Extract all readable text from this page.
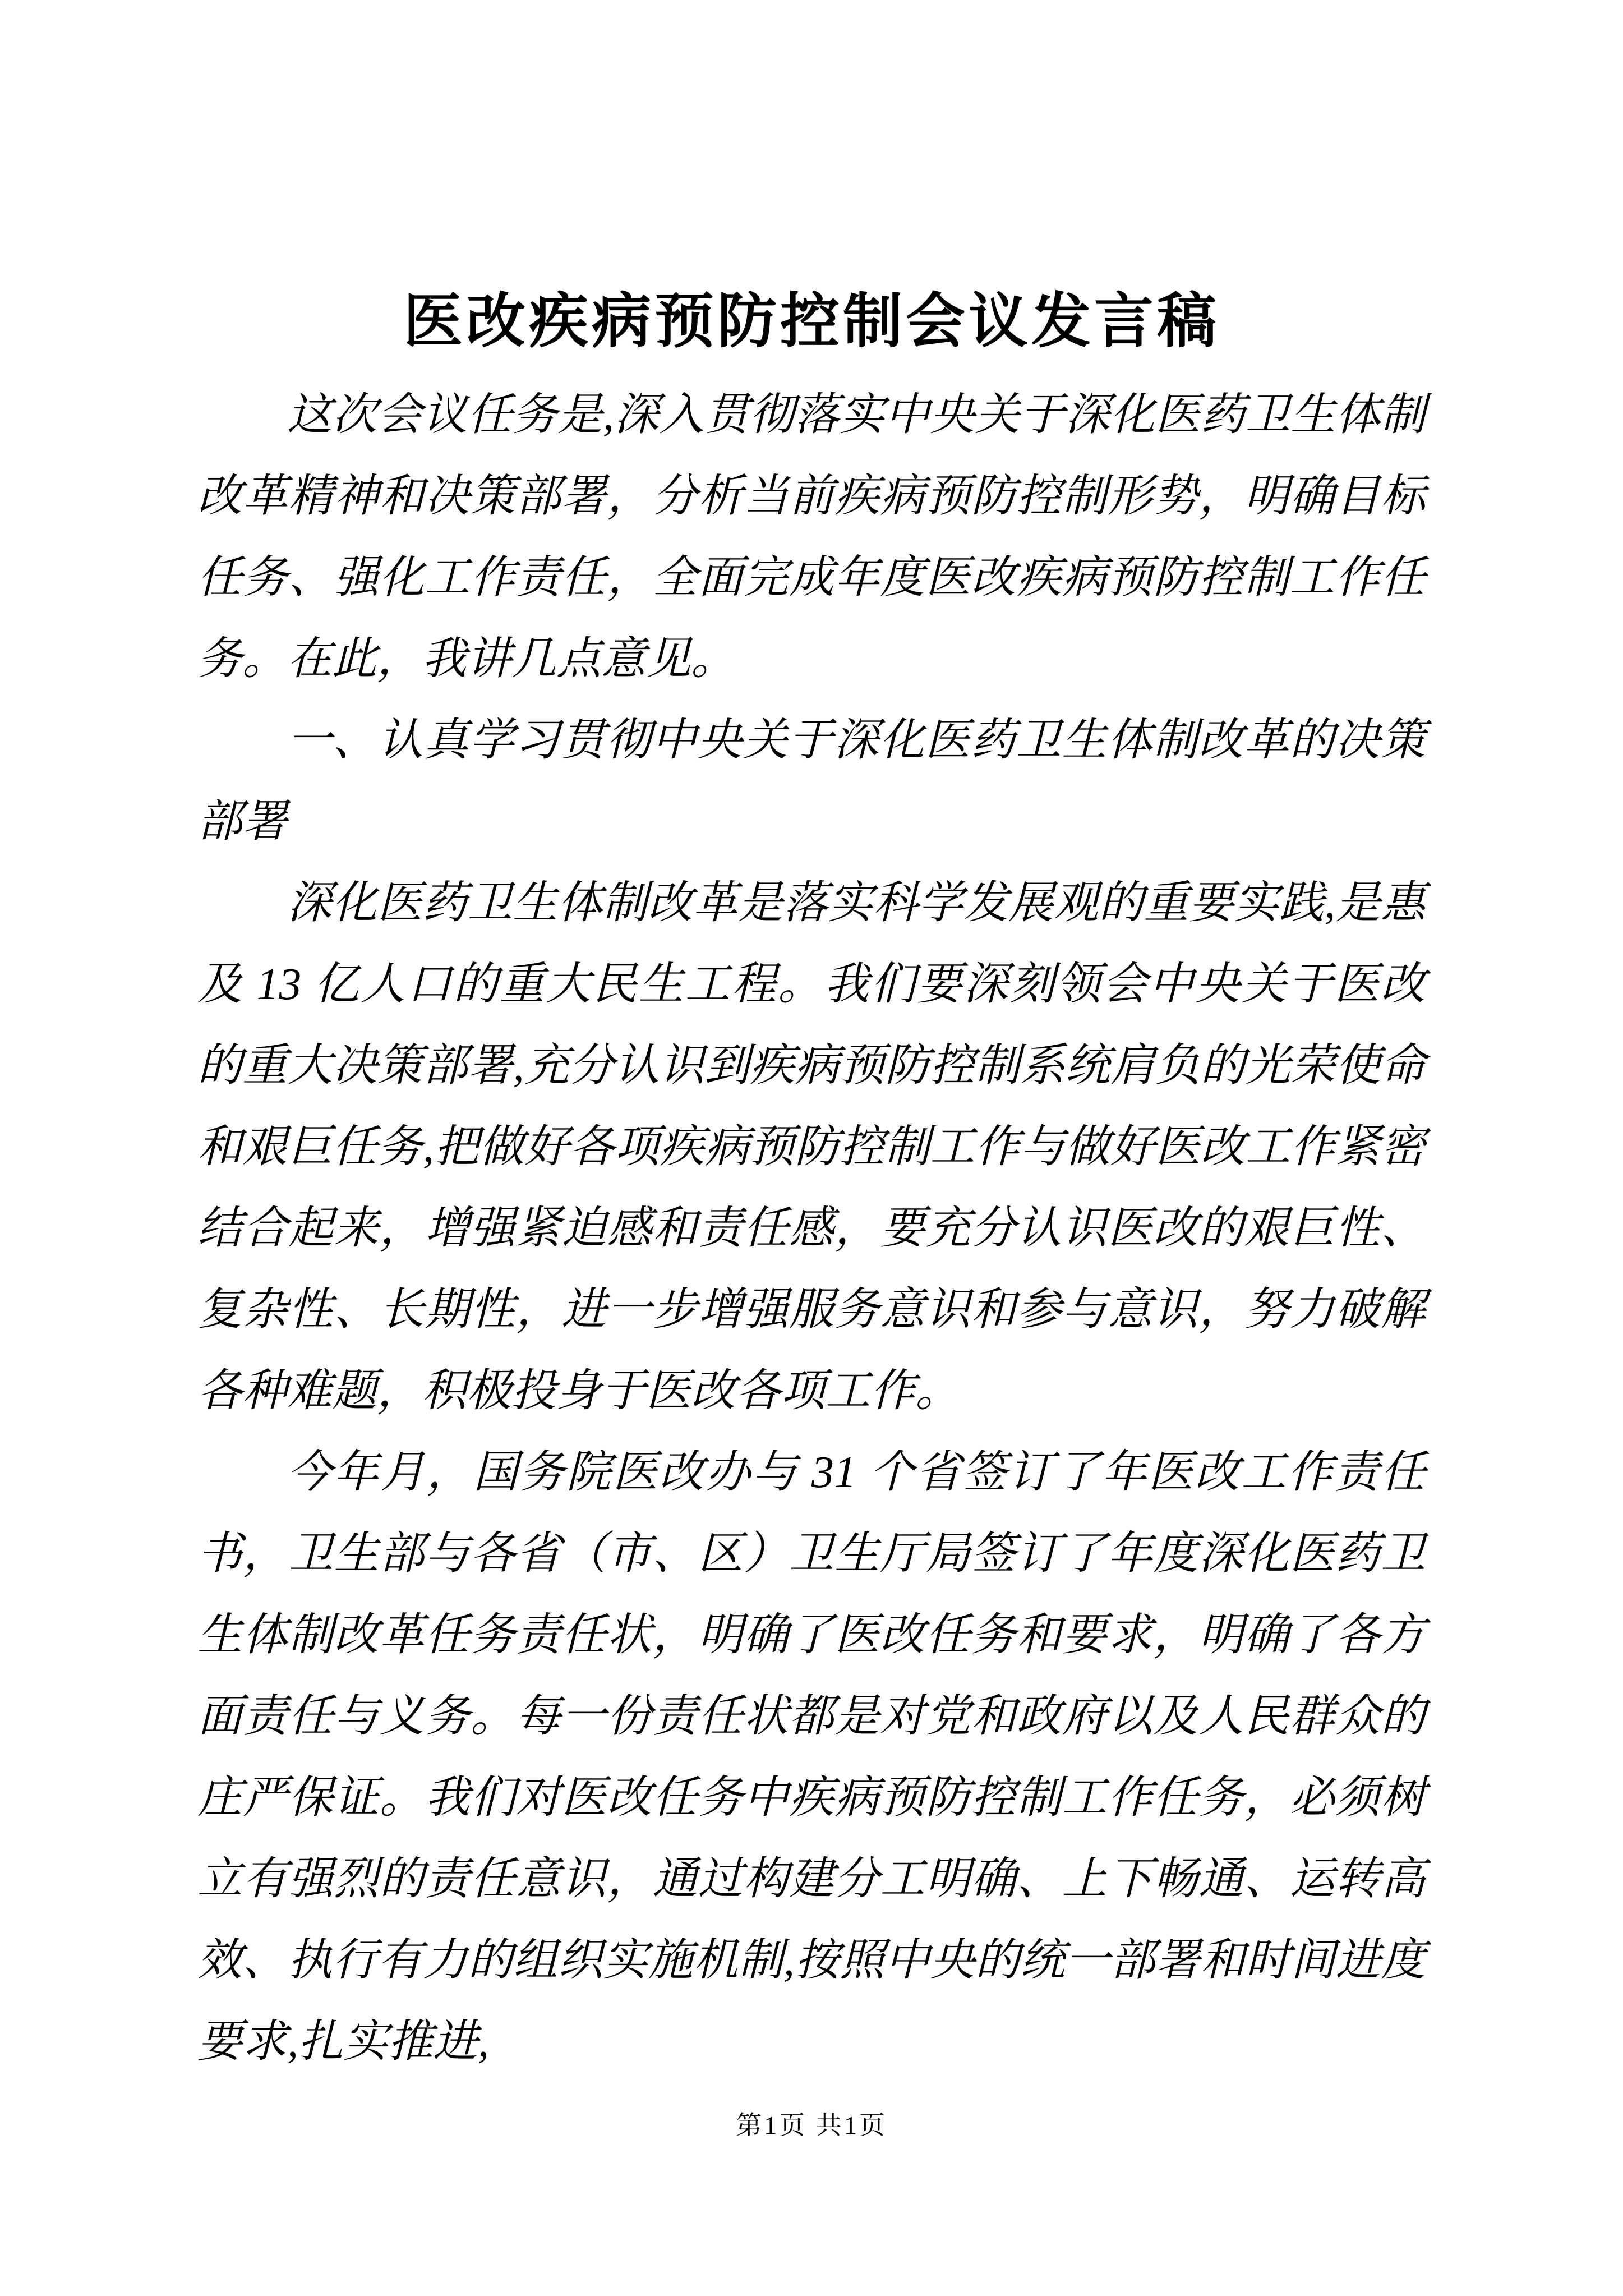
医改疾病预防控制会议发言稿

这次会议任务是,深入贯彻落实中央关于深化医药卫生体制改革精神和决策部署，分析当前疾病预防控制形势，明确目标任务、强化工作责任，全面完成年度医改疾病预防控制工作任务。在此，我讲几点意见。

一、认真学习贯彻中央关于深化医药卫生体制改革的决策部署

深化医药卫生体制改革是落实科学发展观的重要实践,是惠及 13 亿人口的重大民生工程。我们要深刻领会中央关于医改的重大决策部署,充分认识到疾病预防控制系统肩负的光荣使命和艰巨任务,把做好各项疾病预防控制工作与做好医改工作紧密结合起来，增强紧迫感和责任感，要充分认识医改的艰巨性、复杂性、长期性，进一步增强服务意识和参与意识，努力破解各种难题，积极投身于医改各项工作。

今年月，国务院医改办与 31 个省签订了年医改工作责任书，卫生部与各省（市、区）卫生厅局签订了年度深化医药卫生体制改革任务责任状，明确了医改任务和要求，明确了各方面责任与义务。每一份责任状都是对党和政府以及人民群众的庄严保证。我们对医改任务中疾病预防控制工作任务，必须树立有强烈的责任意识，通过构建分工明确、上下畅通、运转高效、执行有力的组织实施机制,按照中央的统一部署和时间进度要求,扎实推进,

第1页 共1页
